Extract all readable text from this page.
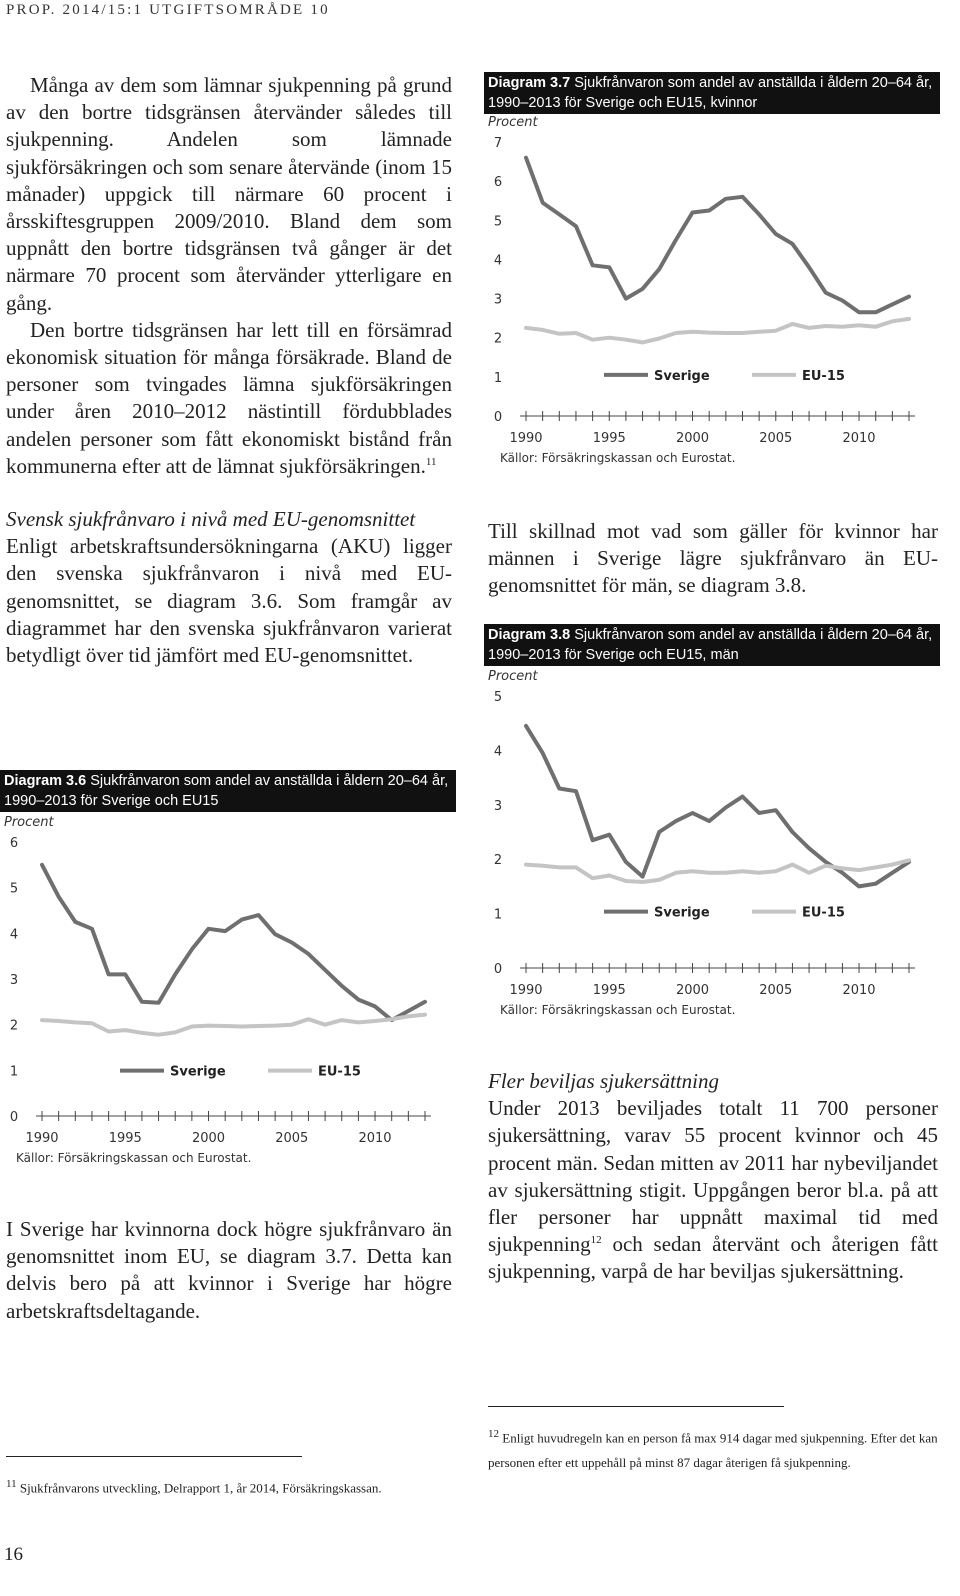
PROP. 2014/15:1 UTGIFTSOMRÅDE 10

Många av dem som lämnar sjukpenning på grund av den bortre tidsgränsen återvänder således till sjukpenning. Andelen som lämnade sjukförsäkringen och som senare återvände (inom 15 månader) uppgick till närmare 60 procent i årsskiftesgruppen 2009/2010. Bland dem som uppnått den bortre tidsgränsen två gånger är det närmare 70 procent som återvänder ytterligare en gång.

Den bortre tidsgränsen har lett till en försämrad ekonomisk situation för många försäkrade. Bland de personer som tvingades lämna sjukförsäkringen under åren 2010–2012 nästintill fördubblades andelen personer som fått ekonomiskt bistånd från kommunerna efter att de lämnat sjukförsäkringen.$^{11}$

Svensk sjukfrånvaro i nivå med EU-genomsnittet

Enligt arbetskraftsundersökningarna (AKU) ligger den svenska sjukfrånvaron i nivå med EU-genomsnittet, se diagram 3.6. Som framgår av diagrammet har den svenska sjukfrånvaron varierat betydligt över tid jämfört med EU-genomsnittet.

Diagram 3.6 Sjukfrånvaron som andel av anställda i åldern 20–64 år, 1990–2013 för Sverige och EU15
Procent
0
1
2
3
4
5
6
1990	1995	2000	2005	2010
Sverige	EU-15
Källor: Försäkringskassan och Eurostat.

I Sverige har kvinnorna dock högre sjukfrånvaro än genomsnittet inom EU, se diagram 3.7. Detta kan delvis bero på att kvinnor i Sverige har högre arbetskraftsdeltagande.

Diagram 3.7 Sjukfrånvaron som andel av anställda i åldern 20–64 år, 1990–2013 för Sverige och EU15, kvinnor
Procent
0
1
2
3
4
5
6
7
1990	1995	2000	2005	2010
Sverige	EU-15
Källor: Försäkringskassan och Eurostat.

Till skillnad mot vad som gäller för kvinnor har männen i Sverige lägre sjukfrånvaro än EU-genomsnittet för män, se diagram 3.8.

Diagram 3.8 Sjukfrånvaron som andel av anställda i åldern 20–64 år, 1990–2013 för Sverige och EU15, män
Procent
0
1
2
3
4
5
1990	1995	2000	2005	2010
Sverige	EU-15
Källor: Försäkringskassan och Eurostat.
Fler beviljas sjukersättning

Under 2013 beviljades totalt 11 700 personer sjukersättning, varav 55 procent kvinnor och 45 procent män. Sedan mitten av 2011 har nybeviljandet av sjukersättning stigit. Uppgången beror bl.a. på att fler personer har uppnått maximal tid med sjukpenning$^{12}$ och sedan återvänt och återigen fått sjukpenning, varpå de har beviljas sjukersättning.

$^{12}$ Enligt huvudregeln kan en person få max 914 dagar med sjukpenning. Efter det kan personen efter ett uppehåll på minst 87 dagar återigen få sjukpenning.
$^{11}$ Sjukfrånvarons utveckling, Delrapport 1, år 2014, Försäkringskassan.
16
